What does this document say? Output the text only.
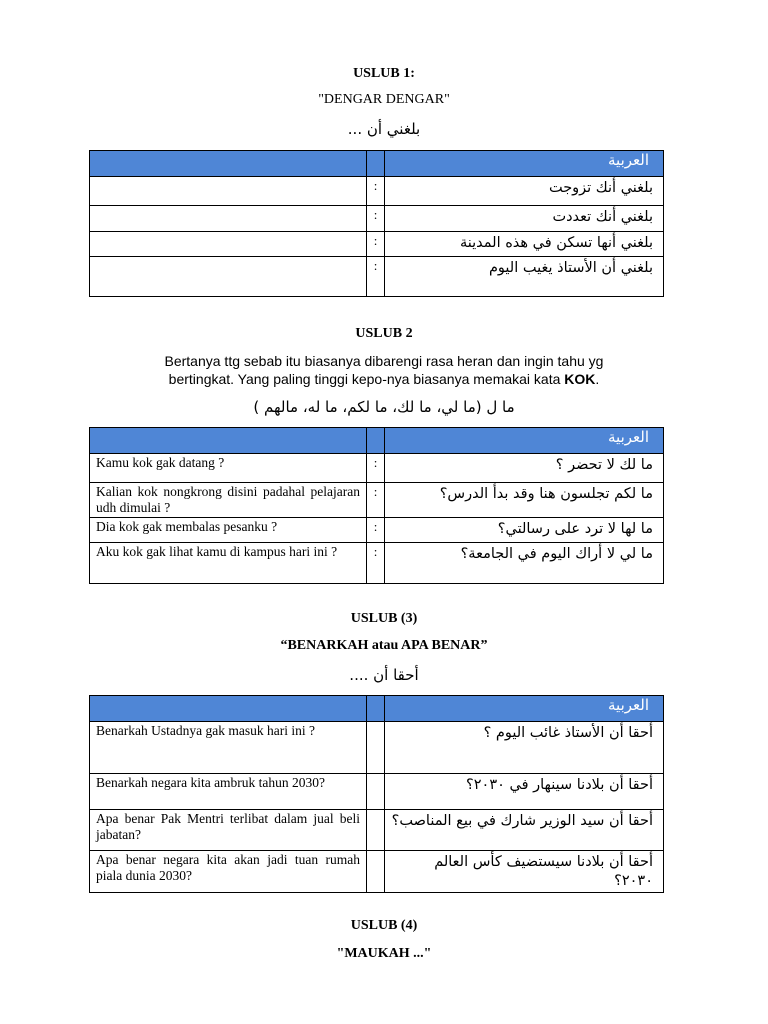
USLUB 1:
"DENGAR DENGAR"
بلغني أن ...
		العربية
	:	بلغني أنك تزوجت
	:	بلغني أنك تعددت
	:	بلغني أنها تسكن في هذه المدينة
	:	بلغني أن الأستاذ يغيب اليوم
USLUB 2
Bertanya ttg sebab itu biasanya dibarengi rasa heran dan ingin tahu yg
bertingkat. Yang paling tinggi kepo-nya biasanya memakai kata KOK.
ما ل (ما لي، ما لك، ما لكم، ما له، مالهم )
		العربية
Kamu kok gak datang ?	:	ما لك لا تحضر ؟
Kalian kok nongkrong disini padahal pelajaran udh dimulai ?	:	ما لكم تجلسون هنا وقد بدأ الدرس؟
Dia kok gak membalas pesanku ?	:	ما لها لا ترد على رسالتي؟
Aku kok gak lihat kamu di kampus hari ini ?	:	ما لي لا أراك اليوم في الجامعة؟
USLUB (3)
“BENARKAH atau APA BENAR”
أحقا أن ....
		العربية
Benarkah Ustadnya gak masuk hari ini ?		أحقا أن الأستاذ غائب اليوم ؟
Benarkah negara kita ambruk tahun 2030?		أحقا أن بلادنا سينهار في ٢٠٣٠؟
Apa benar Pak Mentri terlibat dalam jual beli jabatan?		أحقا أن سيد الوزير شارك في بيع المناصب؟
Apa benar negara kita akan jadi tuan rumah piala dunia 2030?		أحقا أن بلادنا سيستضيف كأس العالم ٢٠٣٠؟
USLUB (4)
"MAUKAH ..."
